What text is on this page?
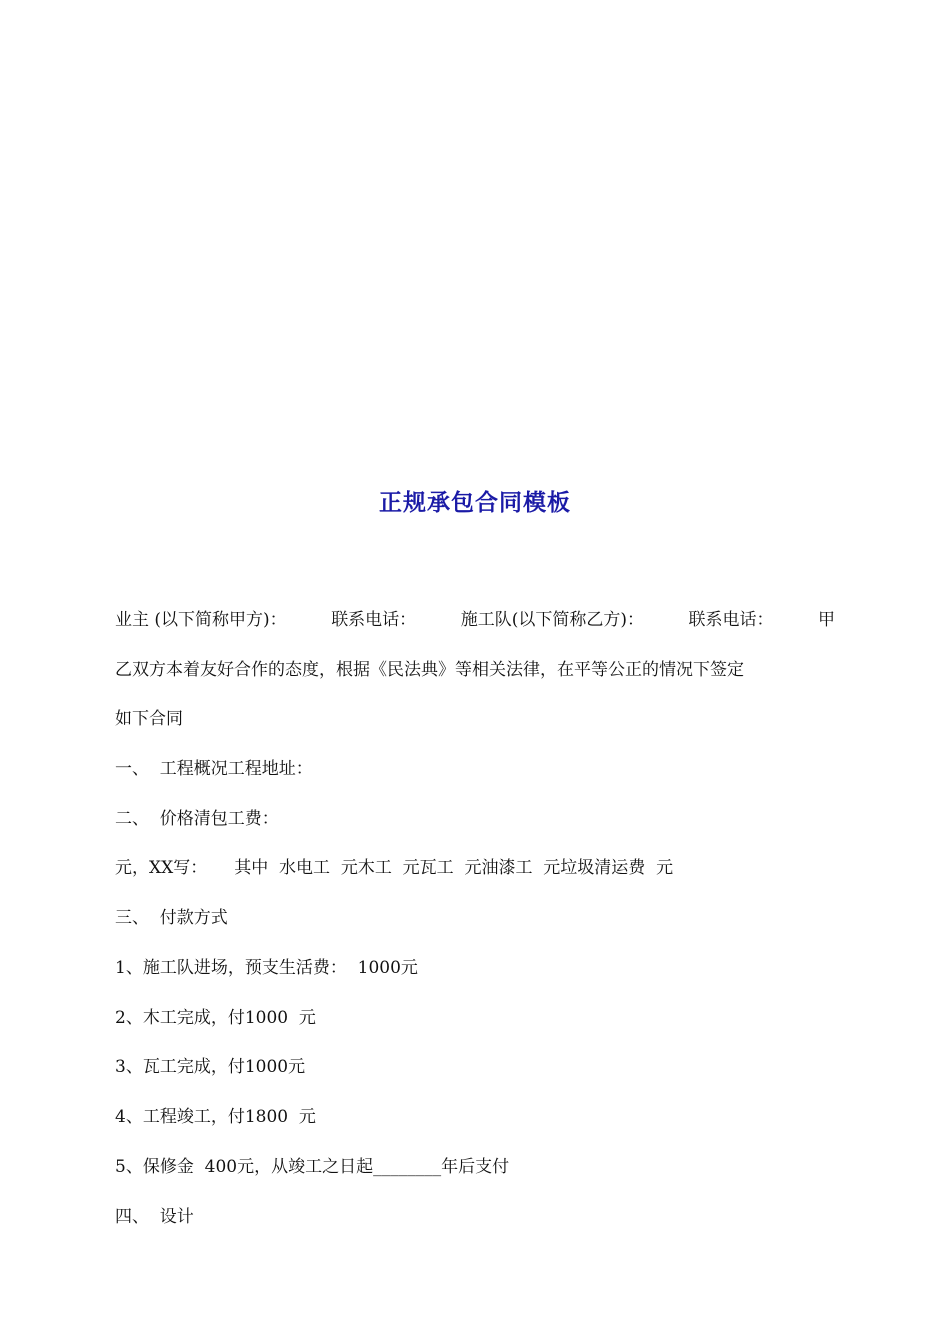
正规承包合同模板
业主 (以下简称甲方)：	联系电话：	施工队(以下简称乙方)：	联系电话：	甲
乙双方本着友好合作的态度，根据《民法典》等相关法律，在平等公正的情况下签定
如下合同
一、  工程概况工程地址：
二、  价格清包工费：
元，XX写：     其中  水电工  元木工  元瓦工  元油漆工  元垃圾清运费  元
三、  付款方式
1、施工队进场，预支生活费：  1000元
2、木工完成，付1000  元
3、瓦工完成，付1000元
4、工程竣工，付1800  元
5、保修金  400元，从竣工之日起________年后支付
四、  设计
